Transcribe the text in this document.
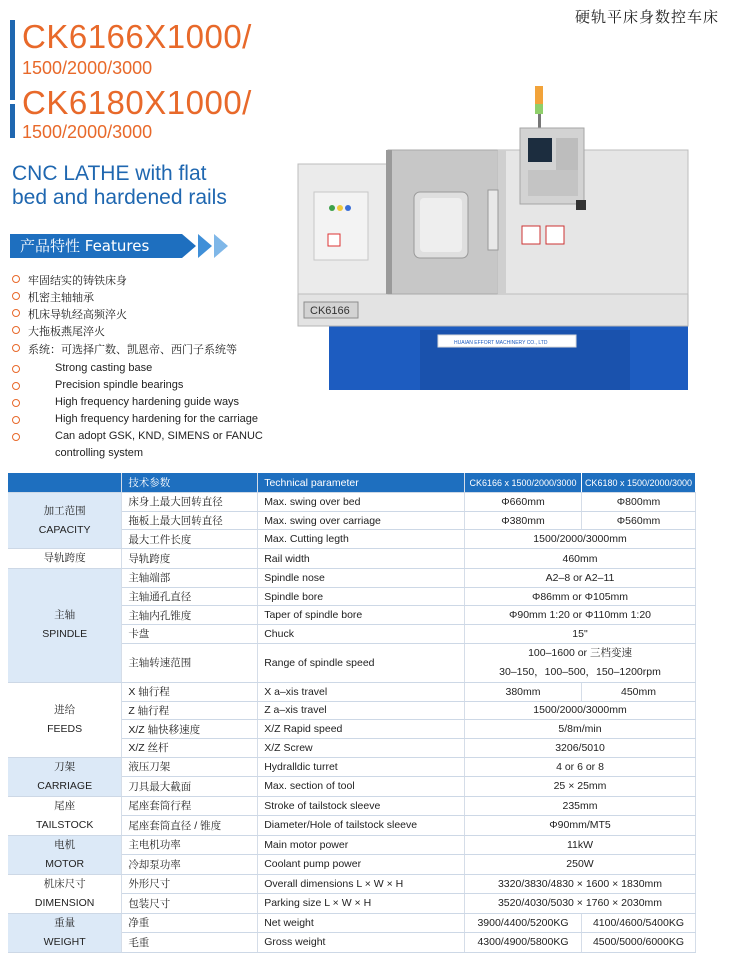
硬轨平床身数控车床
CK6166X1000/
1500/2000/3000
CK6180X1000/
1500/2000/3000
CNC LATHE with flat
bed and hardened rails
产品特性 Features
牢固结实的铸铁床身
机密主轴轴承
机床导轨经高频淬火
大拖板燕尾淬火
系统：可选择广数、凯恩帝、西门子系统等
Strong casting base
Precision spindle bearings
High frequency hardening guide ways
High frequency hardening for the carriage
Can adopt GSK, KND, SIMENS or FANUC
controlling system
CK6166
HUAIAN EFFORT MACHINERY CO., LTD
	技术参数	Technical parameter	CK6166 x 1500/2000/3000	CK6180 x 1500/2000/3000

加工范围
CAPACITY	床身上最大回转直径	Max. swing over bed	Φ660mm	Φ800mm
	拖板上最大回转直径	Max. swing over carriage	Φ380mm	Φ560mm
	最大工件长度	Max. Cutting legth	1500/2000/3000mm	
导轨跨度	导轨跨度	Rail width	460mm	

主轴
SPINDLE	主轴端部	Spindle nose	A2–8 or A2–11	
	主轴通孔直径	Spindle bore	Φ86mm or Φ105mm	
	主轴内孔锥度	Taper of spindle bore	Φ90mm 1:20 or Φ110mm 1:20	
	卡盘	Chuck	15"	
	主轴转速范围	Range of spindle speed	100–1600 or 三档变速
30–150，100–500，150–1200rpm	

进给
FEEDS	X 轴行程	X a–xis travel	380mm	450mm
	Z 轴行程	Z a–xis travel	1500/2000/3000mm	
	X/Z 轴快移速度	X/Z Rapid speed	5/8m/min	
	X/Z 丝杆	X/Z Screw	3206/5010	

刀架
CARRIAGE	液压刀架	Hydralldic turret	4 or 6 or 8	
	刀具最大截面	Max. section of tool	25 × 25mm	

尾座
TAILSTOCK	尾座套筒行程	Stroke of tailstock sleeve	235mm	
	尾座套筒直径 / 锥度	Diameter/Hole of tailstock sleeve	Φ90mm/MT5	

电机
MOTOR	主电机功率	Main motor power	11kW	
	冷却泵功率	Coolant pump power	250W	

机床尺寸
DIMENSION	外形尺寸	Overall dimensions L × W × H	3320/3830/4830 × 1600 × 1830mm	
	包装尺寸	Parking size L × W × H	3520/4030/5030 × 1760 × 2030mm	

重量
WEIGHT	净重	Net weight	3900/4400/5200KG	4100/4600/5400KG
	毛重	Gross weight	4300/4900/5800KG	4500/5000/6000KG
